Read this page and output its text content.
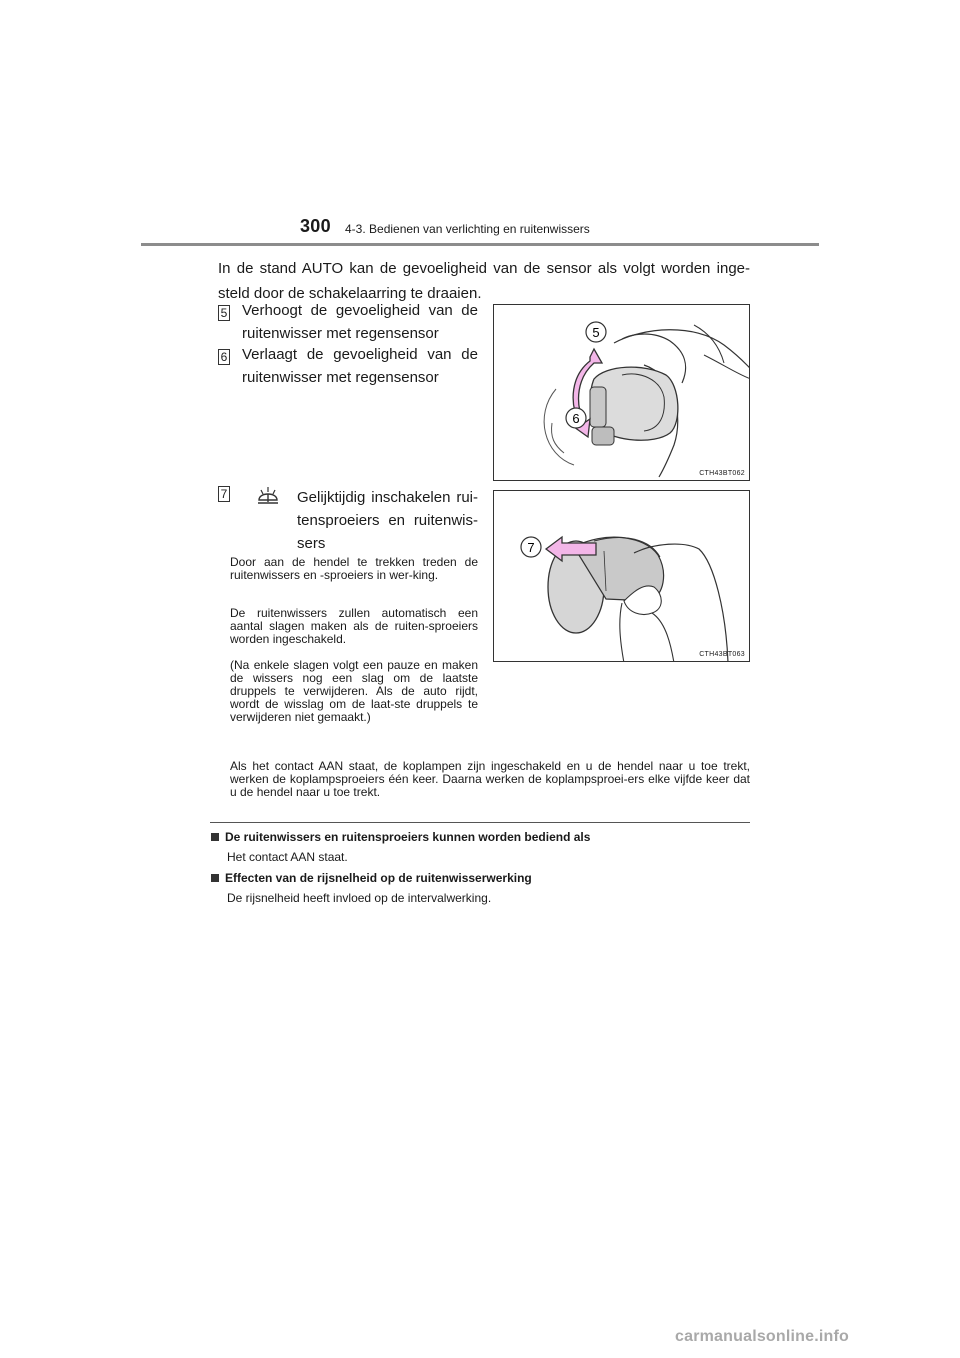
300 4-3. Bedienen van verlichting en ruitenwissers
In de stand AUTO kan de gevoeligheid van de sensor als volgt worden inge-steld door de schakelaarring te draaien.
5 Verhoogt de gevoeligheid van de ruitenwisser met regensensor
6 Verlaagt de gevoeligheid van de ruitenwisser met regensensor
5
6
CTH43BT062
7	Gelijktijdig inschakelen rui-tensproeiers en ruitenwis-sers
Door aan de hendel te trekken treden de ruitenwissers en -sproeiers in wer-king.
De ruitenwissers zullen automatisch een aantal slagen maken als de ruiten-sproeiers worden ingeschakeld.
(Na enkele slagen volgt een pauze en maken de wissers nog een slag om de laatste druppels te verwijderen. Als de auto rijdt, wordt de wisslag om de laat-ste druppels te verwijderen niet gemaakt.)
7
CTH43BT063
Als het contact AAN staat, de koplampen zijn ingeschakeld en u de hendel naar u toe trekt, werken de koplampsproeiers één keer. Daarna werken de koplampsproei-ers elke vijfde keer dat u de hendel naar u toe trekt.
De ruitenwissers en ruitensproeiers kunnen worden bediend als
Het contact AAN staat.
Effecten van de rijsnelheid op de ruitenwisserwerking
De rijsnelheid heeft invloed op de intervalwerking.
carmanualsonline.info
